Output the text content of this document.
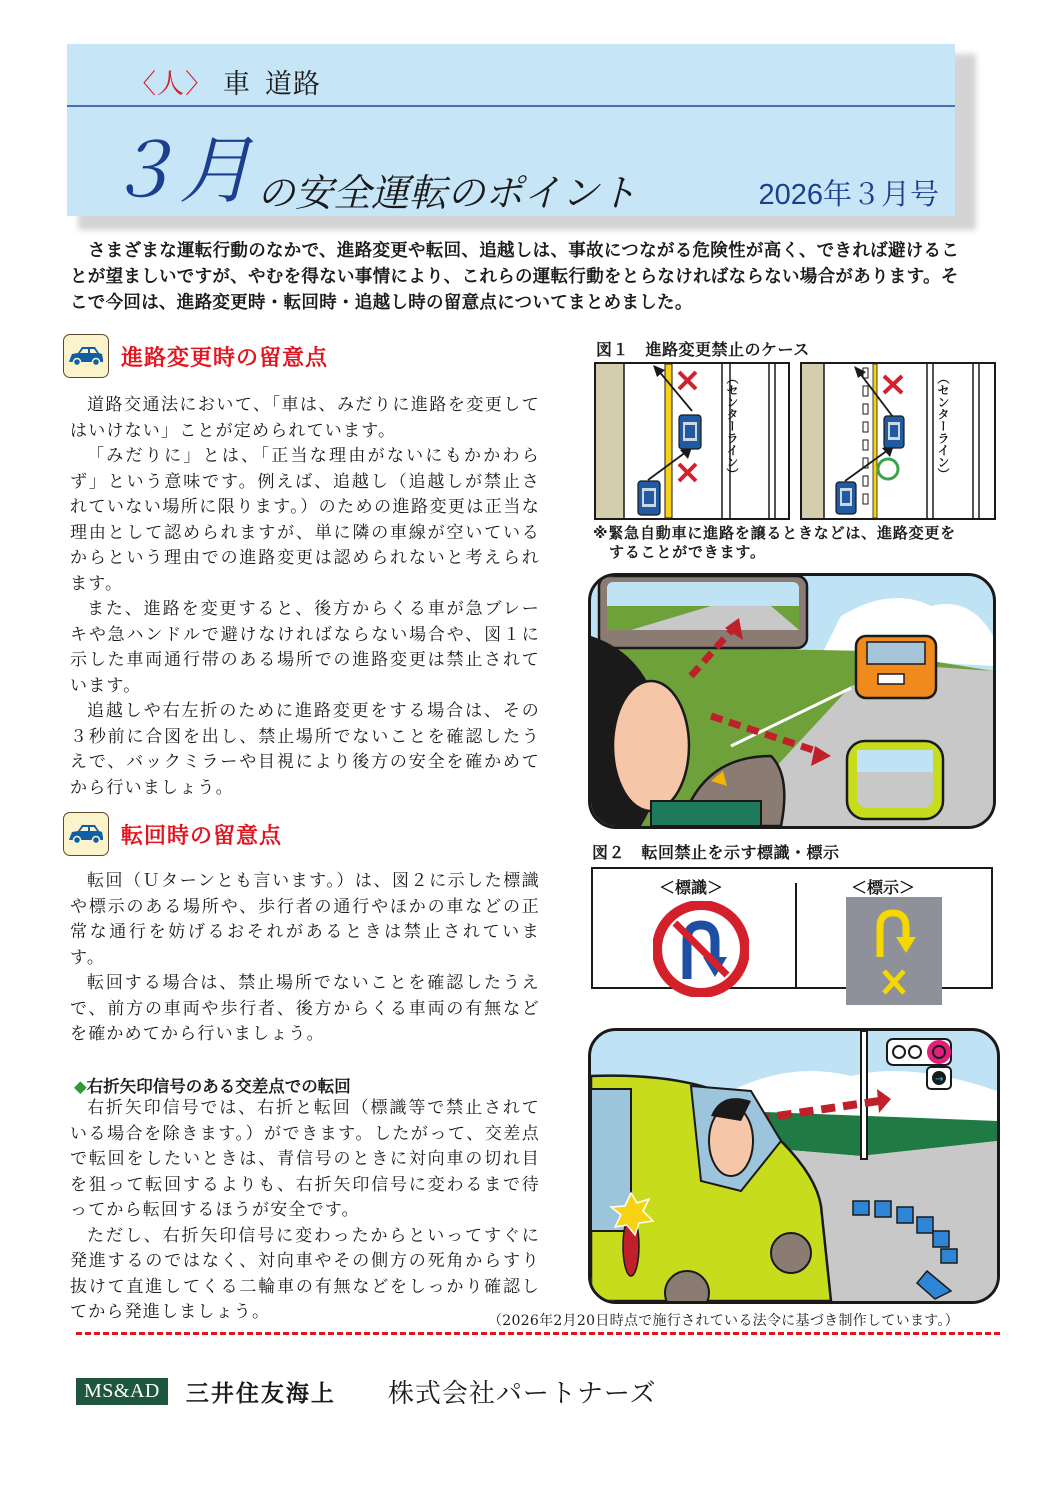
〈人〉 車 道路
３月 の安全運転のポイント	2026年３月号
さまざまな運転行動のなかで、進路変更や転回、追越しは、事故につながる危険性が高く、できれば避けることが望ましいですが、やむを得ない事情により、これらの運転行動をとらなければならない場合があります。そこで今回は、進路変更時・転回時・追越し時の留意点についてまとめました。
進路変更時の留意点

道路交通法において、「車は、みだりに進路を変更してはいけない」ことが定められています。

「みだりに」とは、「正当な理由がないにもかかわらず」という意味です。例えば、追越し（追越しが禁止されていない場所に限ります。）のための進路変更は正当な理由として認められますが、単に隣の車線が空いているからという理由での進路変更は認められないと考えられます。

また、進路を変更すると、後方からくる車が急ブレーキや急ハンドルで避けなければならない場合や、図１に示した車両通行帯のある場所での進路変更は禁止されています。

追越しや右左折のために進路変更をする場合は、その３秒前に合図を出し、禁止場所でないことを確認したうえで、バックミラーや目視により後方の安全を確かめてから行いましょう。

転回時の留意点

転回（Ｕターンとも言います。）は、図２に示した標識や標示のある場所や、歩行者の通行やほかの車などの正常な通行を妨げるおそれがあるときは禁止されています。

転回する場合は、禁止場所でないことを確認したうえで、前方の車両や歩行者、後方からくる車両の有無などを確かめてから行いましょう。

◆右折矢印信号のある交差点での転回

右折矢印信号では、右折と転回（標識等で禁止されている場合を除きます。）ができます。したがって、交差点で転回をしたいときは、青信号のときに対向車の切れ目を狙って転回するよりも、右折矢印信号に変わるまで待ってから転回するほうが安全です。

ただし、右折矢印信号に変わったからといってすぐに発進するのではなく、対向車やその側方の死角からすり抜けて直進してくる二輪車の有無などをしっかり確認してから発進しましょう。

図１　進路変更禁止のケース
（センターライン）	（センターライン）
※緊急自動車に進路を譲るときなどは、進路変更を
することができます。
図２　転回禁止を示す標識・標示
＜標識＞	＜標示＞
→
（2026年2月20日時点で施行されている法令に基づき制作しています。）
MS&AD	三井住友海上 株式会社パートナーズ
